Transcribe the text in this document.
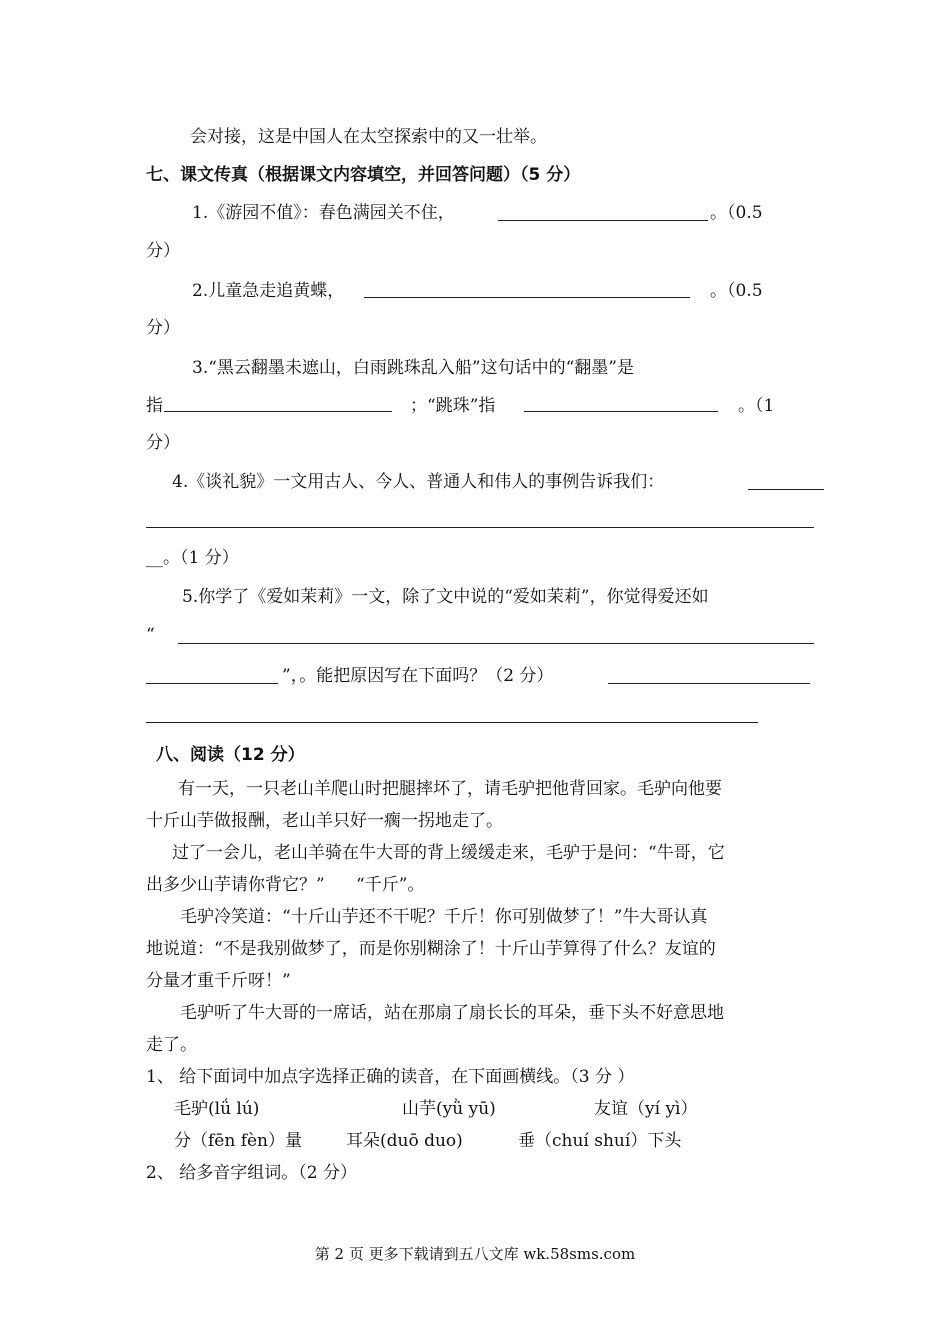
会对接，这是中国人在太空探索中的又一壮举。
七、课文传真（根据课文内容填空，并回答问题）（5 分）
1.《游园不值》：春色满园关不住，	。（0.5
分）
2.儿童急走追黄蝶，	。（0.5
分）
3.“黑云翻墨未遮山，白雨跳珠乱入船”这句话中的“翻墨”是
指	；“跳珠”指	。（1
分）
4.《谈礼貌》一文用古人、今人、普通人和伟人的事例告诉我们：
__。（1 分）
5.你学了《爱如茉莉》一文，除了文中说的“爱如茉莉”，你觉得爱还如
“
”，。能把原因写在下面吗？（2 分）
八、阅读（12 分）
有一天，一只老山羊爬山时把腿摔坏了，请毛驴把他背回家。毛驴向他要
十斤山芋做报酬，老山羊只好一瘸一拐地走了。
过了一会儿，老山羊骑在牛大哥的背上缓缓走来，毛驴于是问：“牛哥，它
出多少山芋请你背它？” “千斤”。
毛驴冷笑道：“十斤山芋还不干呢？千斤！你可别做梦了！”牛大哥认真
地说道：“不是我别做梦了，而是你别糊涂了！十斤山芋算得了什么？友谊的
分量才重千斤呀！”
毛驴听了牛大哥的一席话，站在那扇了扇长长的耳朵，垂下头不好意思地
走了。
1、 给下面词中加点字选择正确的读音，在下面画横线。（3 分 ）
毛驴(lǘ lú)	山芋(yǜ yū)	友谊（yí yì）
分（fēn fèn）量	耳朵(duō duo)	垂（chuí shuí）下头
2、 给多音字组词。（2 分）
第 2 页 更多下载请到五八文库 wk.58sms.com
